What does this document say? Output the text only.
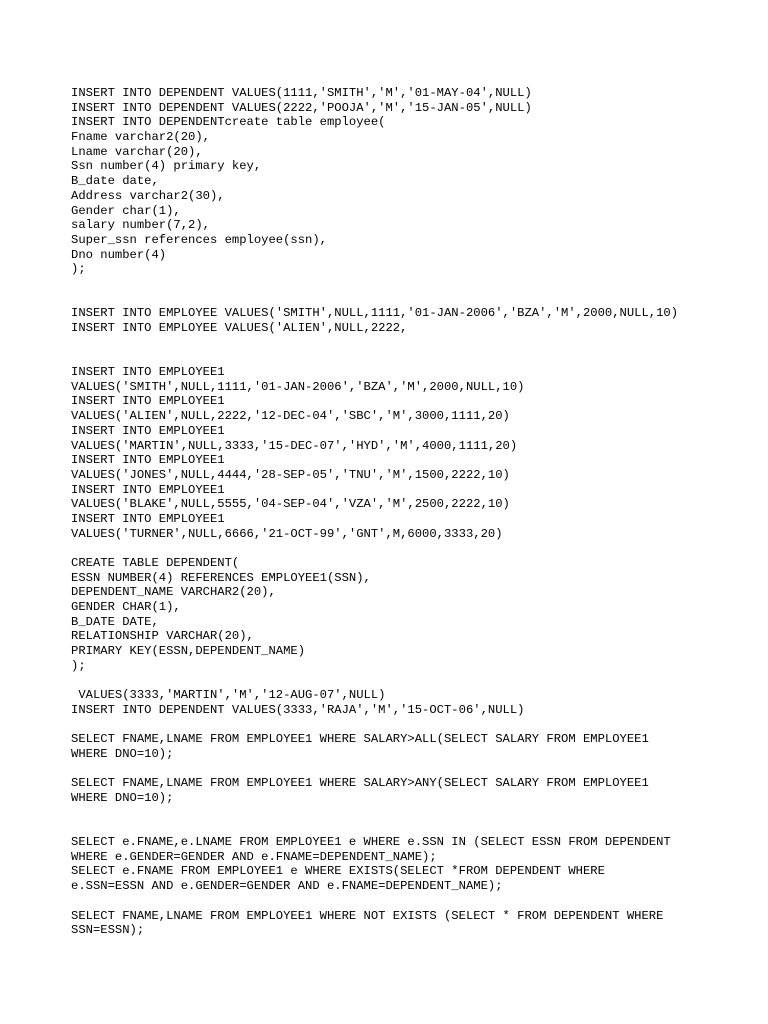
INSERT INTO DEPENDENT VALUES(1111,'SMITH','M','01-MAY-04',NULL)
INSERT INTO DEPENDENT VALUES(2222,'POOJA','M','15-JAN-05',NULL)
INSERT INTO DEPENDENTcreate table employee(
Fname varchar2(20),
Lname varchar(20),
Ssn number(4) primary key,
B_date date,
Address varchar2(30),
Gender char(1),
salary number(7,2),
Super_ssn references employee(ssn),
Dno number(4)
);
INSERT INTO EMPLOYEE VALUES('SMITH',NULL,1111,'01-JAN-2006','BZA','M',2000,NULL,10)
INSERT INTO EMPLOYEE VALUES('ALIEN',NULL,2222,
INSERT INTO EMPLOYEE1
VALUES('SMITH',NULL,1111,'01-JAN-2006','BZA','M',2000,NULL,10)
INSERT INTO EMPLOYEE1
VALUES('ALIEN',NULL,2222,'12-DEC-04','SBC','M',3000,1111,20)
INSERT INTO EMPLOYEE1
VALUES('MARTIN',NULL,3333,'15-DEC-07','HYD','M',4000,1111,20)
INSERT INTO EMPLOYEE1
VALUES('JONES',NULL,4444,'28-SEP-05','TNU','M',1500,2222,10)
INSERT INTO EMPLOYEE1
VALUES('BLAKE',NULL,5555,'04-SEP-04','VZA','M',2500,2222,10)
INSERT INTO EMPLOYEE1
VALUES('TURNER',NULL,6666,'21-OCT-99','GNT',M,6000,3333,20)
CREATE TABLE DEPENDENT(
ESSN NUMBER(4) REFERENCES EMPLOYEE1(SSN),
DEPENDENT_NAME VARCHAR2(20),
GENDER CHAR(1),
B_DATE DATE,
RELATIONSHIP VARCHAR(20),
PRIMARY KEY(ESSN,DEPENDENT_NAME)
);
VALUES(3333,'MARTIN','M','12-AUG-07',NULL)
INSERT INTO DEPENDENT VALUES(3333,'RAJA','M','15-OCT-06',NULL)
SELECT FNAME,LNAME FROM EMPLOYEE1 WHERE SALARY>ALL(SELECT SALARY FROM EMPLOYEE1
WHERE DNO=10);
SELECT FNAME,LNAME FROM EMPLOYEE1 WHERE SALARY>ANY(SELECT SALARY FROM EMPLOYEE1
WHERE DNO=10);
SELECT e.FNAME,e.LNAME FROM EMPLOYEE1 e WHERE e.SSN IN (SELECT ESSN FROM DEPENDENT
WHERE e.GENDER=GENDER AND e.FNAME=DEPENDENT_NAME);
SELECT e.FNAME FROM EMPLOYEE1 e WHERE EXISTS(SELECT *FROM DEPENDENT WHERE
e.SSN=ESSN AND e.GENDER=GENDER AND e.FNAME=DEPENDENT_NAME);
SELECT FNAME,LNAME FROM EMPLOYEE1 WHERE NOT EXISTS (SELECT * FROM DEPENDENT WHERE
SSN=ESSN);
